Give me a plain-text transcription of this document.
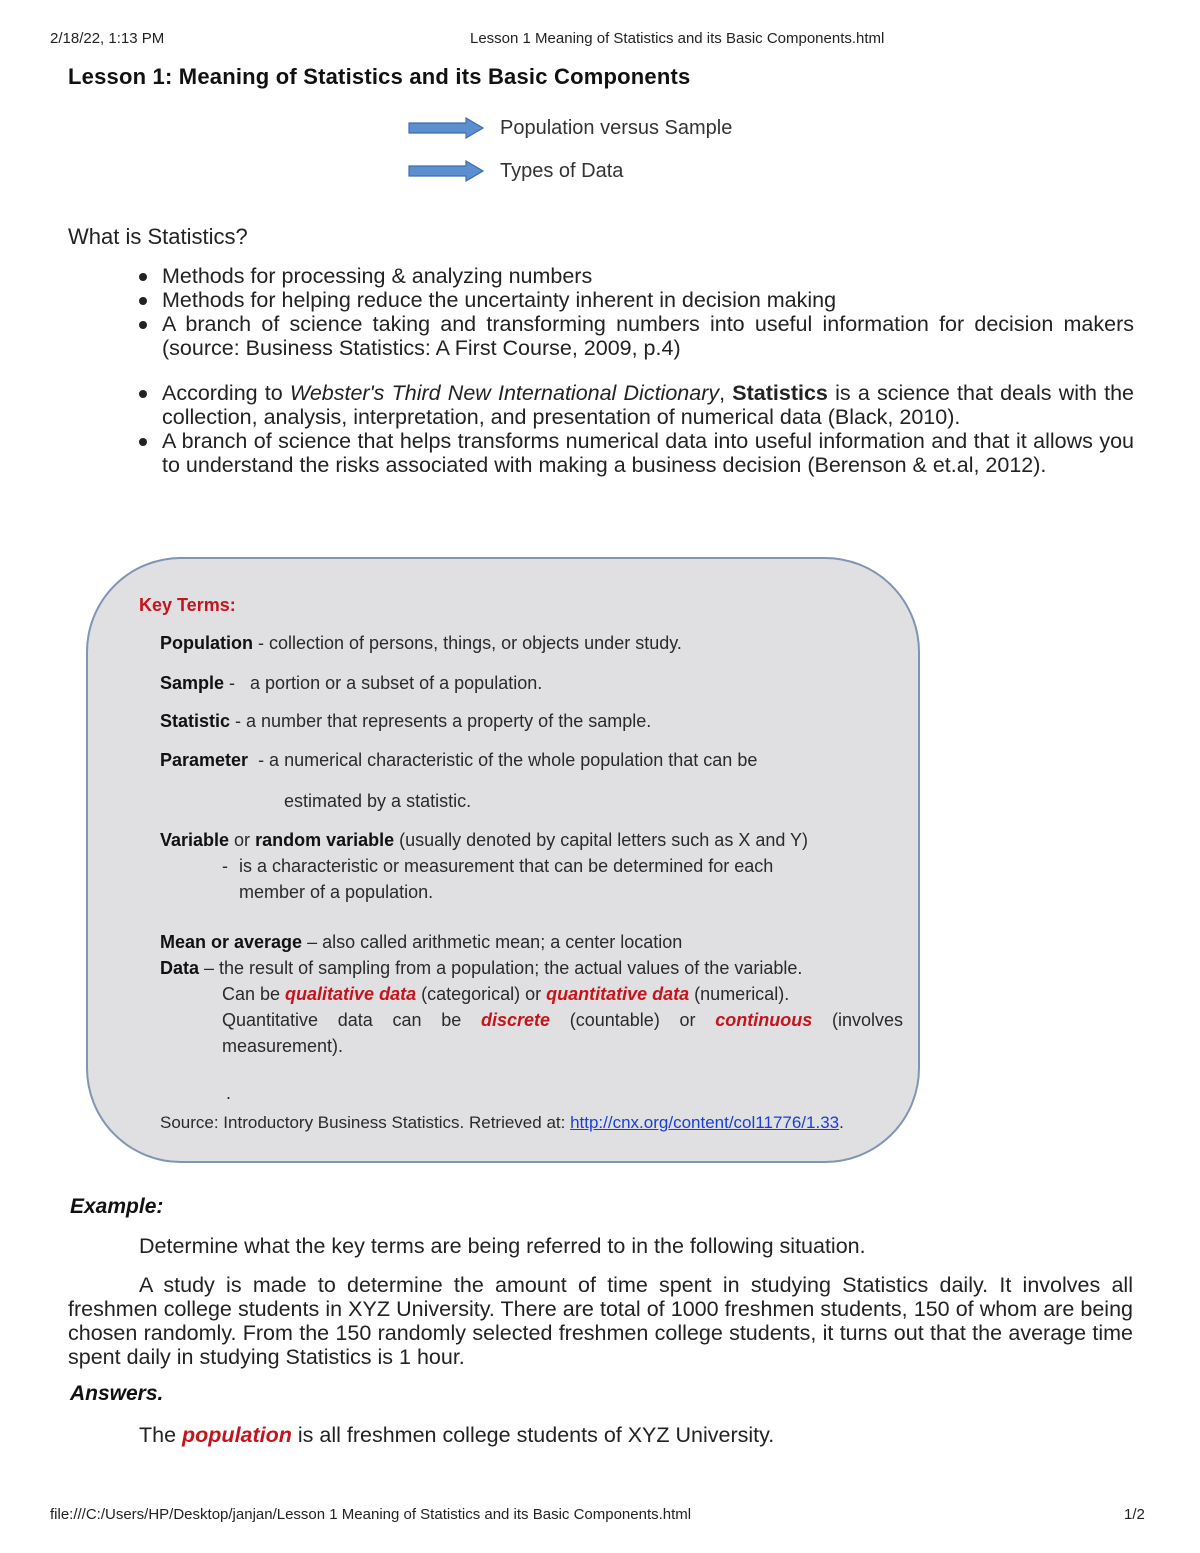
2/18/22, 1:13 PM	Lesson 1 Meaning of Statistics and its Basic Components.html
Lesson 1: Meaning of Statistics and its Basic Components
Population versus Sample
Types of Data
What is Statistics?
Methods for processing & analyzing numbers
Methods for helping reduce the uncertainty inherent in decision making
A branch of science taking and transforming numbers into useful information for decision makers (source: Business Statistics: A First Course, 2009, p.4)
According to Webster's Third New International Dictionary, Statistics is a science that deals with the collection, analysis, interpretation, and presentation of numerical data (Black, 2010).
A branch of science that helps transforms numerical data into useful information and that it allows you to understand the risks associated with making a business decision (Berenson & et.al, 2012).
Key Terms:
Population - collection of persons, things, or objects under study.
Sample -   a portion or a subset of a population.
Statistic - a number that represents a property of the sample.
Parameter  - a numerical characteristic of the whole population that can be
estimated by a statistic.
Variable or random variable (usually denoted by capital letters such as X and Y)
- is a characteristic or measurement that can be determined for each
member of a population.
Mean or average – also called arithmetic mean; a center location
Data – the result of sampling from a population; the actual values of the variable.
Can be qualitative data (categorical) or quantitative data (numerical).
Quantitative data can be discrete (countable) or continuous (involves
measurement).
.
Source: Introductory Business Statistics. Retrieved at: http://cnx.org/content/col11776/1.33.
Example:
Determine what the key terms are being referred to in the following situation.
A study is made to determine the amount of time spent in studying Statistics daily. It involves all freshmen college students in XYZ University. There are total of 1000 freshmen students, 150 of whom are being chosen randomly. From the 150 randomly selected freshmen college students, it turns out that the average time spent daily in studying Statistics is 1 hour.
Answers.
The population is all freshmen college students of XYZ University.
file:///C:/Users/HP/Desktop/janjan/Lesson 1 Meaning of Statistics and its Basic Components.html	1/2
